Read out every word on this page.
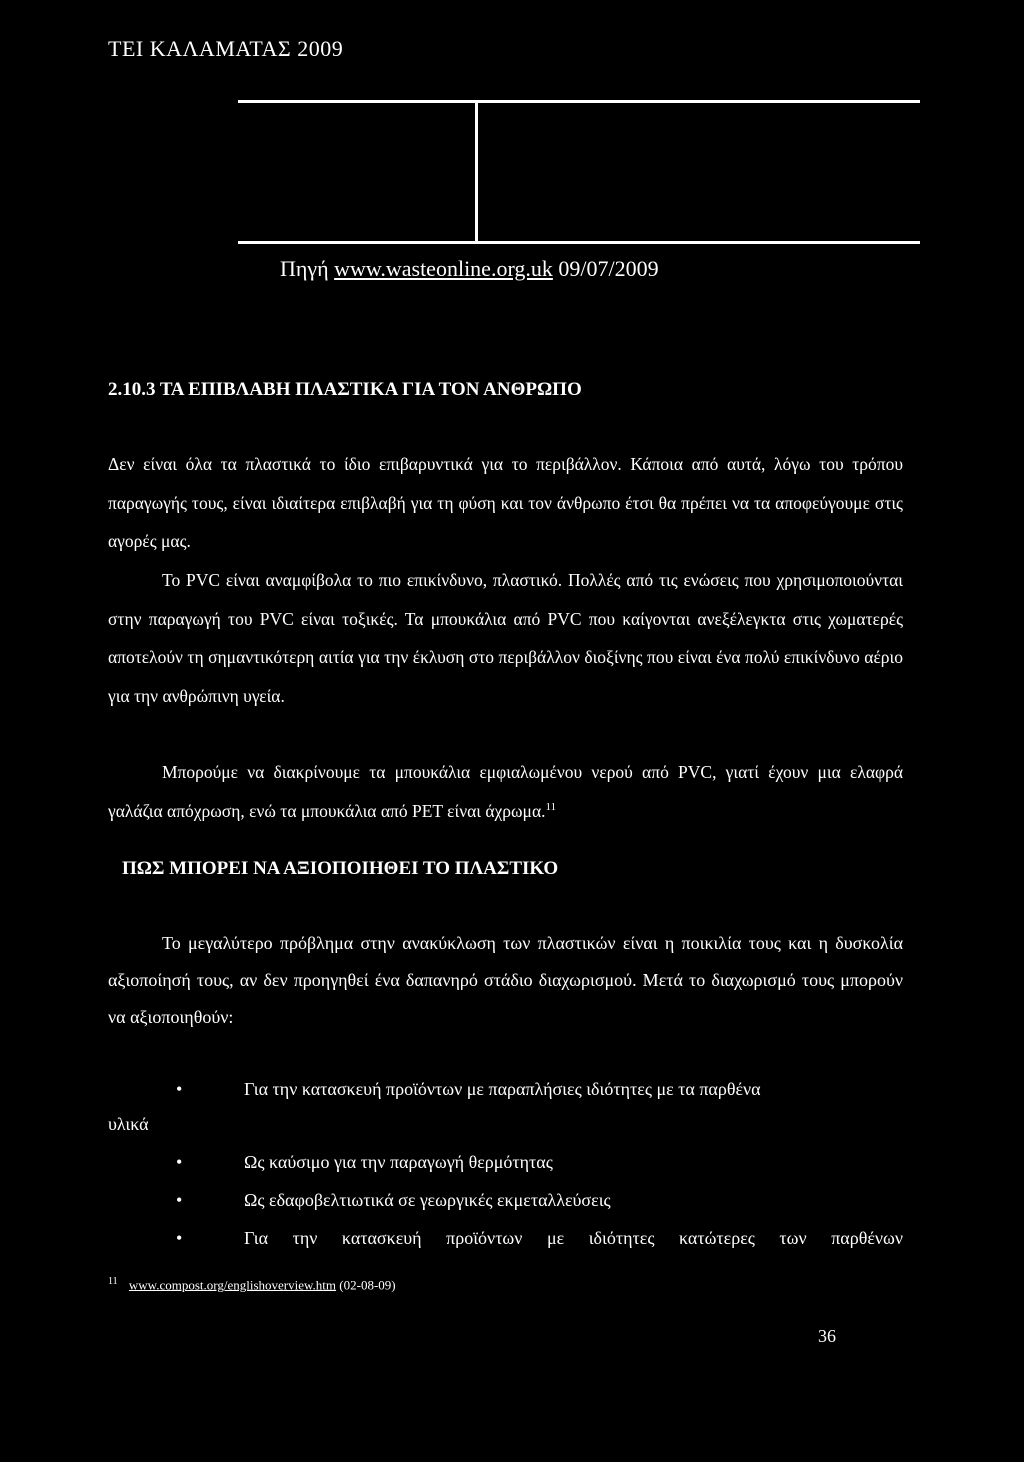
ΤΕΙ ΚΑΛΑΜΑΤΑΣ 2009
Πηγή www.wasteonline.org.uk 09/07/2009
2.10.3 ΤΑ ΕΠΙΒΛΑΒΗ ΠΛΑΣΤΙΚΑ ΓΙΑ ΤΟΝ ΑΝΘΡΩΠΟ

Δεν είναι όλα τα πλαστικά το ίδιο επιβαρυντικά για το περιβάλλον. Κάποια από αυτά, λόγω του τρόπου παραγωγής τους, είναι ιδιαίτερα επιβλαβή για τη φύση και τον άνθρωπο έτσι θα πρέπει να τα αποφεύγουμε στις αγορές μας.

Το PVC είναι αναμφίβολα το πιο επικίνδυνο, πλαστικό. Πολλές από τις ενώσεις που χρησιμοποιούνται στην παραγωγή του PVC είναι τοξικές. Τα μπουκάλια από PVC που καίγονται ανεξέλεγκτα στις χωματερές αποτελούν τη σημαντικότερη αιτία για την έκλυση στο περιβάλλον διοξίνης που είναι ένα πολύ επικίνδυνο αέριο για την ανθρώπινη υγεία.

Μπορούμε να διακρίνουμε τα μπουκάλια εμφιαλωμένου νερού από PVC, γιατί έχουν μια ελαφρά γαλάζια απόχρωση, ενώ τα μπουκάλια από PET είναι άχρωμα.$^{11}$

ΠΩΣ ΜΠΟΡΕΙ ΝΑ ΑΞΙΟΠΟΙΗΘΕΙ ΤΟ ΠΛΑΣΤΙΚΟ

Το μεγαλύτερο πρόβλημα στην ανακύκλωση των πλαστικών είναι η ποικιλία τους και η δυσκολία αξιοποίησή τους, αν δεν προηγηθεί ένα δαπανηρό στάδιο διαχωρισμού. Μετά το διαχωρισμό τους μπορούν να αξιοποιηθούν:

•	Για την κατασκευή προϊόντων με παραπλήσιες ιδιότητες με τα παρθένα
υλικά
•	Ως καύσιμο για την παραγωγή θερμότητας
•	Ως εδαφοβελτιωτικά σε γεωργικές εκμεταλλεύσεις
•	Για την κατασκευή προϊόντων με ιδιότητες κατώτερες των παρθένων
$^{11}$ www.compost.org/englishoverview.htm (02-08-09)
36
